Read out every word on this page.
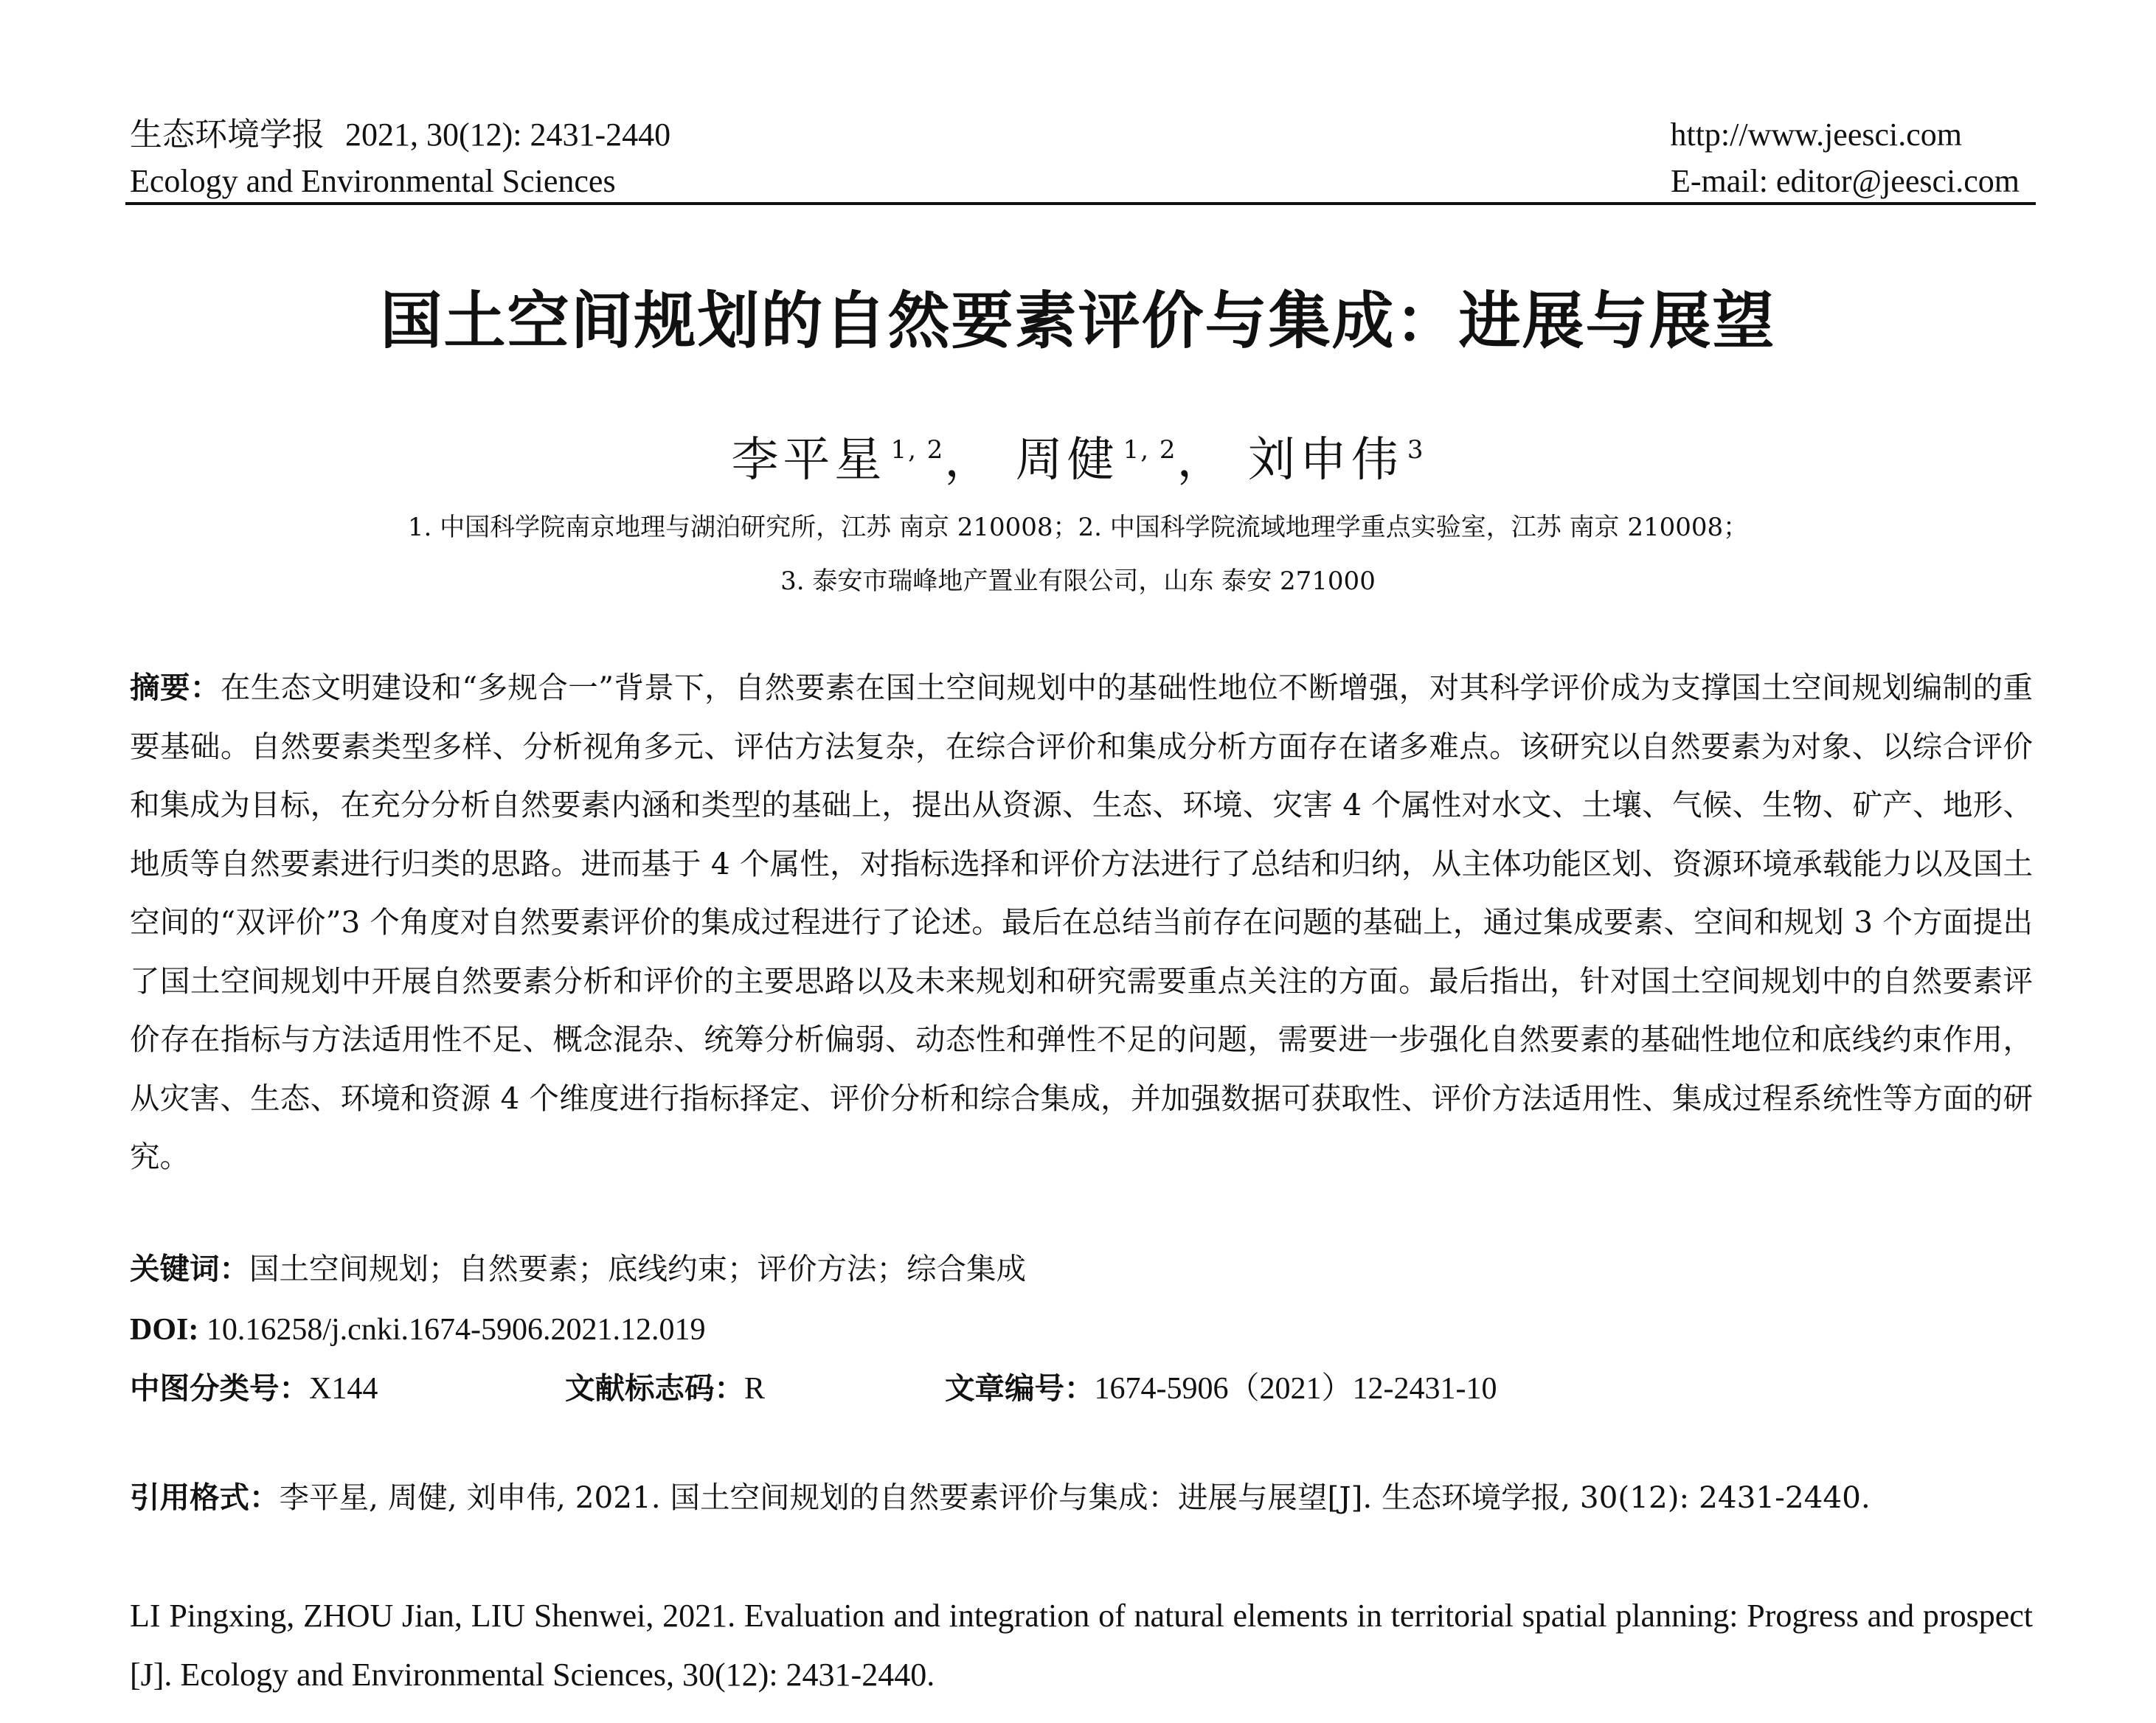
生态环境学报 2021, 30(12): 2431-2440
Ecology and Environmental Sciences
http://www.jeesci.com
E-mail: editor@jeesci.com
国土空间规划的自然要素评价与集成：进展与展望
李平星 $^{1, 2}$， 周健 $^{1, 2}$， 刘申伟 $^3$
1. 中国科学院南京地理与湖泊研究所，江苏 南京 210008；2. 中国科学院流域地理学重点实验室，江苏 南京 210008；
3. 泰安市瑞峰地产置业有限公司，山东 泰安 271000
摘要：在生态文明建设和“多规合一”背景下，自然要素在国土空间规划中的基础性地位不断增强，对其科学评价成为支撑国土空间规划编制的重要基础。自然要素类型多样、分析视角多元、评估方法复杂，在综合评价和集成分析方面存在诸多难点。该研究以自然要素为对象、以综合评价和集成为目标，在充分分析自然要素内涵和类型的基础上，提出从资源、生态、环境、灾害 4 个属性对水文、土壤、气候、生物、矿产、地形、地质等自然要素进行归类的思路。进而基于 4 个属性，对指标选择和评价方法进行了总结和归纳，从主体功能区划、资源环境承载能力以及国土空间的“双评价”3 个角度对自然要素评价的集成过程进行了论述。最后在总结当前存在问题的基础上，通过集成要素、空间和规划 3 个方面提出了国土空间规划中开展自然要素分析和评价的主要思路以及未来规划和研究需要重点关注的方面。最后指出，针对国土空间规划中的自然要素评价存在指标与方法适用性不足、概念混杂、统筹分析偏弱、动态性和弹性不足的问题，需要进一步强化自然要素的基础性地位和底线约束作用，从灾害、生态、环境和资源 4 个维度进行指标择定、评价分析和综合集成，并加强数据可获取性、评价方法适用性、集成过程系统性等方面的研究。
关键词：国土空间规划；自然要素；底线约束；评价方法；综合集成
DOI: 10.16258/j.cnki.1674-5906.2021.12.019
中图分类号：X144	文献标志码：R	文章编号：1674-5906（2021）12-2431-10
引用格式：李平星, 周健, 刘申伟, 2021. 国土空间规划的自然要素评价与集成：进展与展望[J]. 生态环境学报, 30(12): 2431-2440.
LI Pingxing, ZHOU Jian, LIU Shenwei, 2021. Evaluation and integration of natural elements in territorial spatial planning: Progress and prospect [J]. Ecology and Environmental Sciences, 30(12): 2431-2440.
